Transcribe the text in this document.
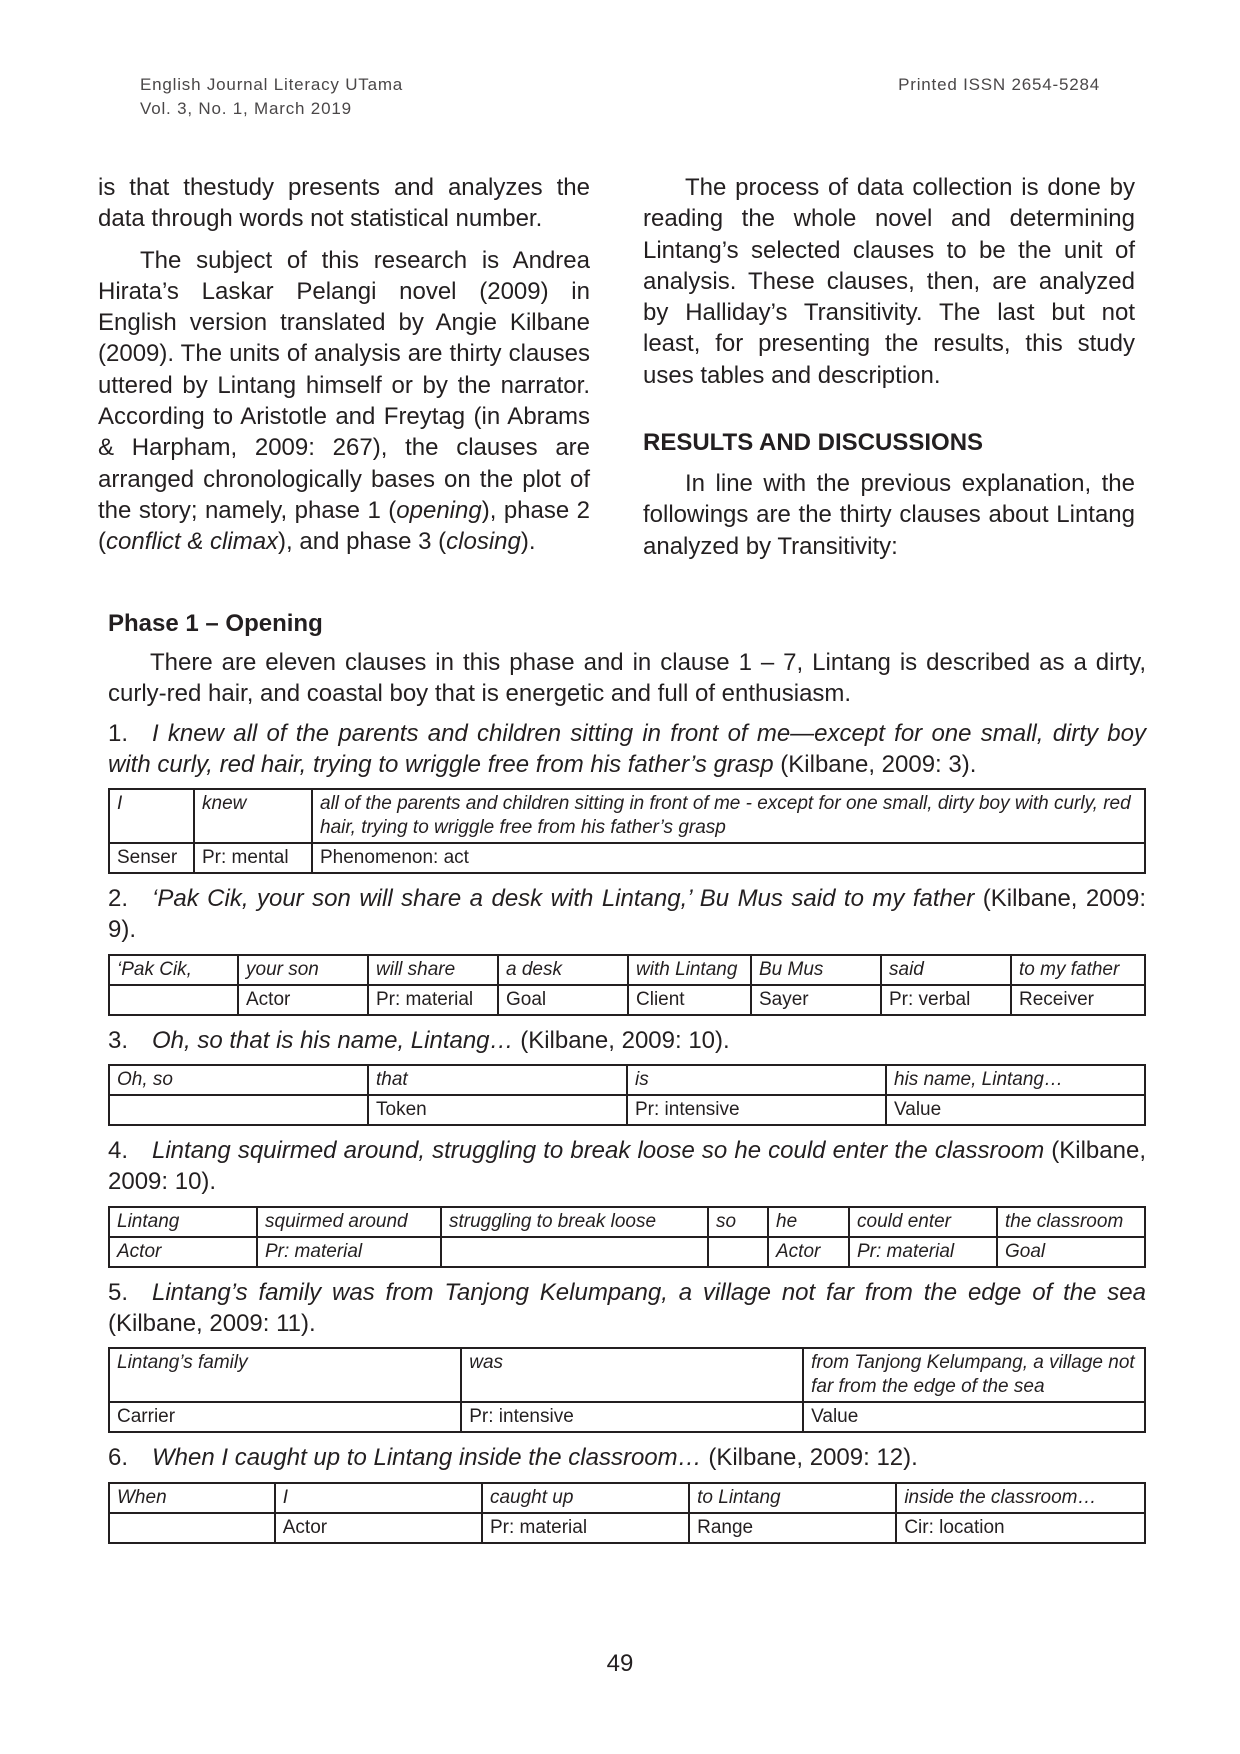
English Journal Literacy UTama
Vol. 3, No. 1, March 2019
Printed ISSN 2654-5284

is that thestudy presents and analyzes the data through words not statistical number.

The subject of this research is Andrea Hirata’s Laskar Pelangi novel (2009) in English version translated by Angie Kilbane (2009). The units of analysis are thirty clauses uttered by Lintang himself or by the narrator. According to Aristotle and Freytag (in Abrams & Harpham, 2009: 267), the clauses are arranged chronologically bases on the plot of the story; namely, phase 1 (opening), phase 2 (conflict & climax), and phase 3 (closing).

The process of data collection is done by reading the whole novel and determining Lintang’s selected clauses to be the unit of analysis. These clauses, then, are analyzed by Halliday’s Transitivity. The last but not least, for presenting the results, this study uses tables and description.

RESULTS AND DISCUSSIONS

In line with the previous explanation, the followings are the thirty clauses about Lintang analyzed by Transitivity:

Phase 1 – Opening

There are eleven clauses in this phase and in clause 1 – 7, Lintang is described as a dirty, curly-red hair, and coastal boy that is energetic and full of enthusiasm.

1. I knew all of the parents and children sitting in front of me—except for one small, dirty boy with curly, red hair, trying to wriggle free from his father’s grasp (Kilbane, 2009: 3).
I	knew	all of the parents and children sitting in front of me - except for one small, dirty boy with curly, red hair, trying to wriggle free from his father’s grasp
Senser	Pr: mental	Phenomenon: act
2. ‘Pak Cik, your son will share a desk with Lintang,’ Bu Mus said to my father (Kilbane, 2009: 9).
‘Pak Cik,	your son	will share	a desk	with Lintang	Bu Mus	said	to my father
	Actor	Pr: material	Goal	Client	Sayer	Pr: verbal	Receiver
3. Oh, so that is his name, Lintang… (Kilbane, 2009: 10).
Oh, so	that	is	his name, Lintang…
	Token	Pr: intensive	Value
4. Lintang squirmed around, struggling to break loose so he could enter the classroom (Kilbane, 2009: 10).
Lintang	squirmed around	struggling to break loose	so	he	could enter	the classroom
Actor	Pr: material			Actor	Pr: material	Goal
5. Lintang’s family was from Tanjong Kelumpang, a village not far from the edge of the sea (Kilbane, 2009: 11).
Lintang’s family	was	from Tanjong Kelumpang, a village not far from the edge of the sea
Carrier	Pr: intensive	Value
6. When I caught up to Lintang inside the classroom… (Kilbane, 2009: 12).
When	I	caught up	to Lintang	inside the classroom…
	Actor	Pr: material	Range	Cir: location
49
